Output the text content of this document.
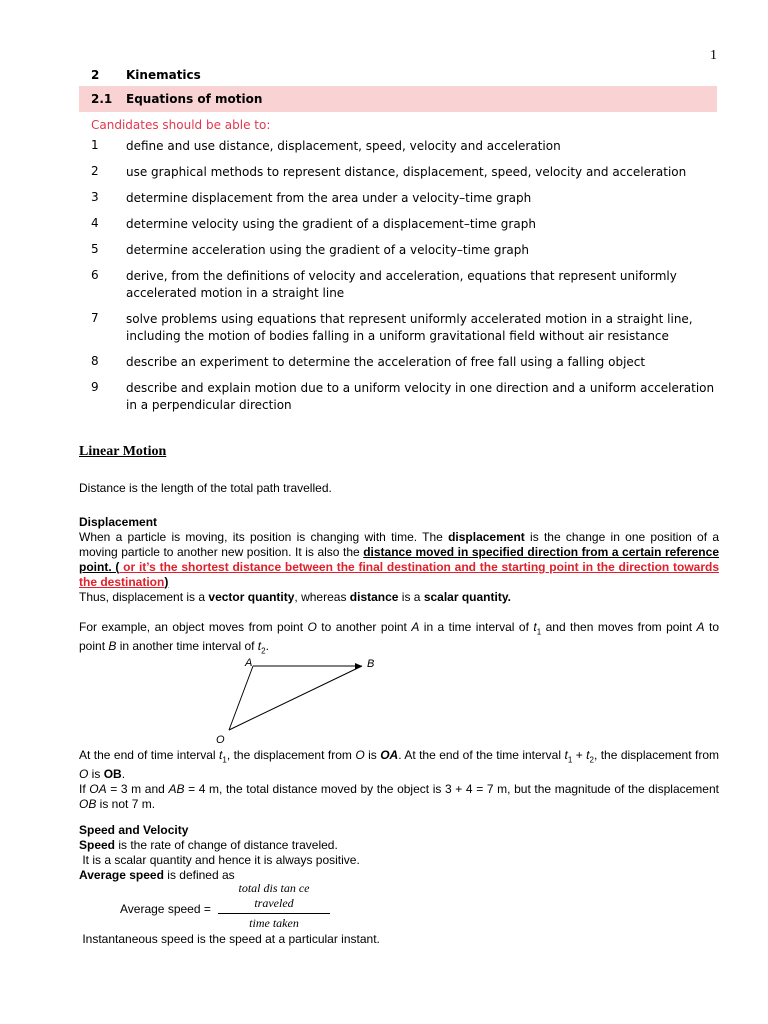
1
2	Kinematics
2.1	Equations of motion
Candidates should be able to:
1	define and use distance, displacement, speed, velocity and acceleration
2	use graphical methods to represent distance, displacement, speed, velocity and acceleration
3	determine displacement from the area under a velocity–time graph
4	determine velocity using the gradient of a displacement–time graph
5	determine acceleration using the gradient of a velocity–time graph
6	derive, from the definitions of velocity and acceleration, equations that represent uniformly accelerated motion in a straight line
7	solve problems using equations that represent uniformly accelerated motion in a straight line, including the motion of bodies falling in a uniform gravitational field without air resistance
8	describe an experiment to determine the acceleration of free fall using a falling object
9	describe and explain motion due to a uniform velocity in one direction and a uniform acceleration in a perpendicular direction
Linear Motion
Distance is the length of the total path travelled.
Displacement
When a particle is moving, its position is changing with time. The displacement is the change in one position of a moving particle to another new position. It is also the distance moved in specified direction from a certain reference point. ( or it’s the shortest distance between the final destination and the starting point in the direction towards the destination)
Thus, displacement is a vector quantity, whereas distance is a scalar quantity.
For example, an object moves from point O to another point A in a time interval of $t_1$ and then moves from point A to point B in another time interval of $t_2$.
A	B
O
At the end of time interval $t_1$, the displacement from O is OA. At the end of the time interval $t_1 + t_2$, the displacement from O is OB.
If OA = 3 m and AB = 4 m, the total distance moved by the object is 3 + 4 = 7 m, but the magnitude of the displacement OB is not 7 m.
Speed and Velocity
Speed is the rate of change of distance traveled.
It is a scalar quantity and hence it is always positive.
Average speed is defined as
Average speed =
total dis tan ce traveled
time taken
Instantaneous speed is the speed at a particular instant.
